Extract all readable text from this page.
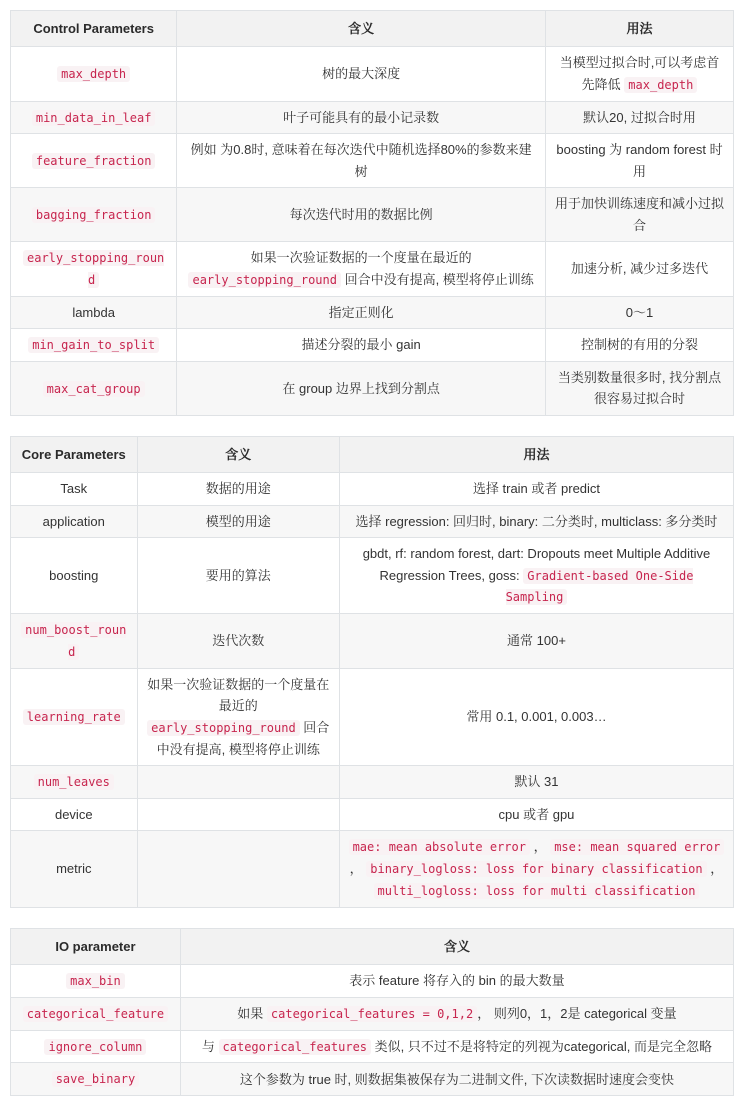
Control Parameters	含义	用法
max_depth	树的最大深度	当模型过拟合时,可以考虑首先降低 max_depth
min_data_in_leaf	叶子可能具有的最小记录数	默认20, 过拟合时用
feature_fraction	例如 为0.8时, 意味着在每次迭代中随机选择80%的参数来建树	boosting 为 random forest 时用
bagging_fraction	每次迭代时用的数据比例	用于加快训练速度和减小过拟合
early_stopping_round	如果一次验证数据的一个度量在最近的 early_stopping_round 回合中没有提高, 模型将停止训练	加速分析, 减少过多迭代
lambda	指定正则化	0～1
min_gain_to_split	描述分裂的最小 gain	控制树的有用的分裂
max_cat_group	在 group 边界上找到分割点	当类别数量很多时, 找分割点很容易过拟合时
Core Parameters	含义	用法
Task	数据的用途	选择 train 或者 predict
application	模型的用途	选择 regression: 回归时, binary: 二分类时, multiclass: 多分类时
boosting	要用的算法	gbdt, rf: random forest, dart: Dropouts meet Multiple Additive Regression Trees, goss: Gradient-based One-Side Sampling
num_boost_round	迭代次数	通常 100+
learning_rate	如果一次验证数据的一个度量在最近的 early_stopping_round 回合中没有提高, 模型将停止训练	常用 0.1, 0.001, 0.003…
num_leaves		默认 31
device		cpu 或者 gpu
metric		mae: mean absolute error ， mse: mean squared error ， binary_logloss: loss for binary classification ， multi_logloss: loss for multi classification
IO parameter	含义
max_bin	表示 feature 将存入的 bin 的最大数量
categorical_feature	如果 categorical_features = 0,1,2 ， 则列0，1，2是 categorical 变量
ignore_column	与 categorical_features 类似, 只不过不是将特定的列视为categorical, 而是完全忽略
save_binary	这个参数为 true 时, 则数据集被保存为二进制文件, 下次读数据时速度会变快
